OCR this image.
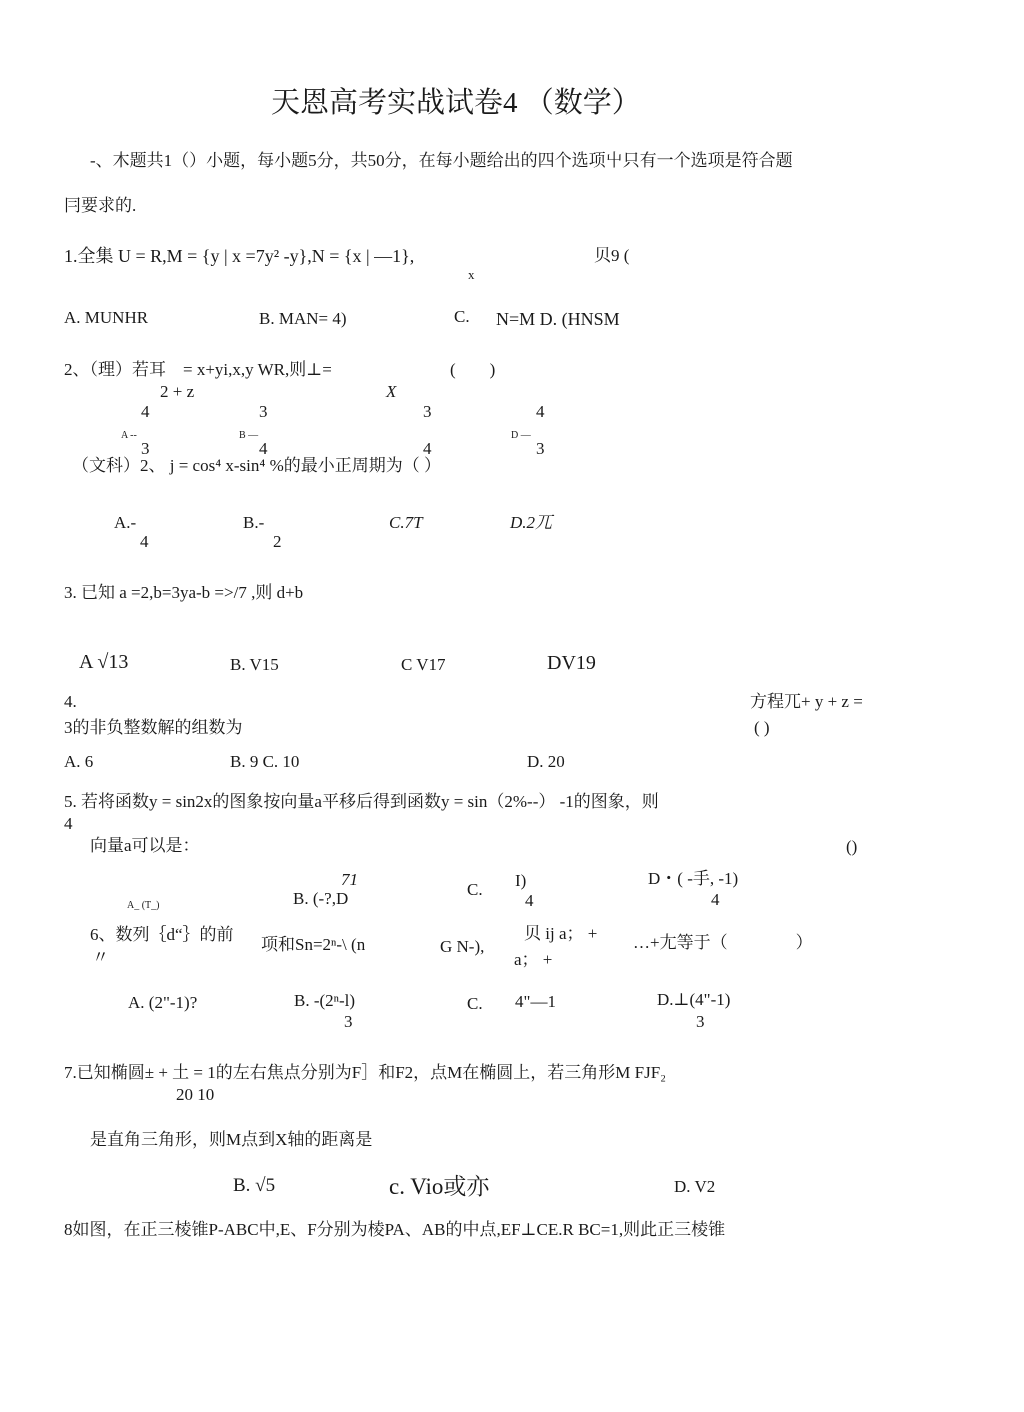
天恩高考实战试卷4 （数学）
-、木题共1（）小题，每小题5分，共50分，在每小题给出的四个选项屮只有一个选项是符合题
冃要求的.
1.全集 U = R,M = {y | x =7y² -y},N = {x | —1},
x
贝9 (
A. MUNHR	B. MAN= 4)	C. N=M D. (HNSM
2、（理）若耳　= x+yi,x,y WR,则⊥=
2 + z	X
(　　)
4
A --
3
3
B —
4
3
4
4
D —
3
（文科）2、 j = cos⁴ x-sin⁴ %的最小正周期为（ ）
A.-
4
B.-
2
C.7T	D.2兀
3. 已知 a =2,b=3ya-b =>/7 ,则 d+b
A √13	B. V15	C V17	DV19
4.	方程兀+ y + z =
3的非负整数解的组数为	( )
A. 6	B. 9 C. 10	D. 20
5. 若将函数y = sin2x的图象按向量a平移后得到函数y = sin（2%--） -1的图象，则
4
向量a可以是：	()
A_ (T_)
71
B. (-?,D	C. I)
4
D・( -手, -1)
4
6、数列｛d“｝的前
〃
项和Sn=2ⁿ-\ (n	G N-),
贝 ij a； +
a； +
…+尢等于（　　　　）
A. (2"-1)?	B. -(2ⁿ-l)
3
C. 4"—1	D.⊥(4"-1)
3
7.已知椭圆± + 土 = 1的左右焦点分别为F］和F2，点M在椭圆上，若三角形M FJF₂
20 10
是直角三角形，则M点到X轴的距离是
B. √5	c. Vio或亦	D. V2
8如图，在正三棱锥P-ABC中,E、F分别为棱PA、AB的中点,EF⊥CE.R BC=1,则此正三棱锥
